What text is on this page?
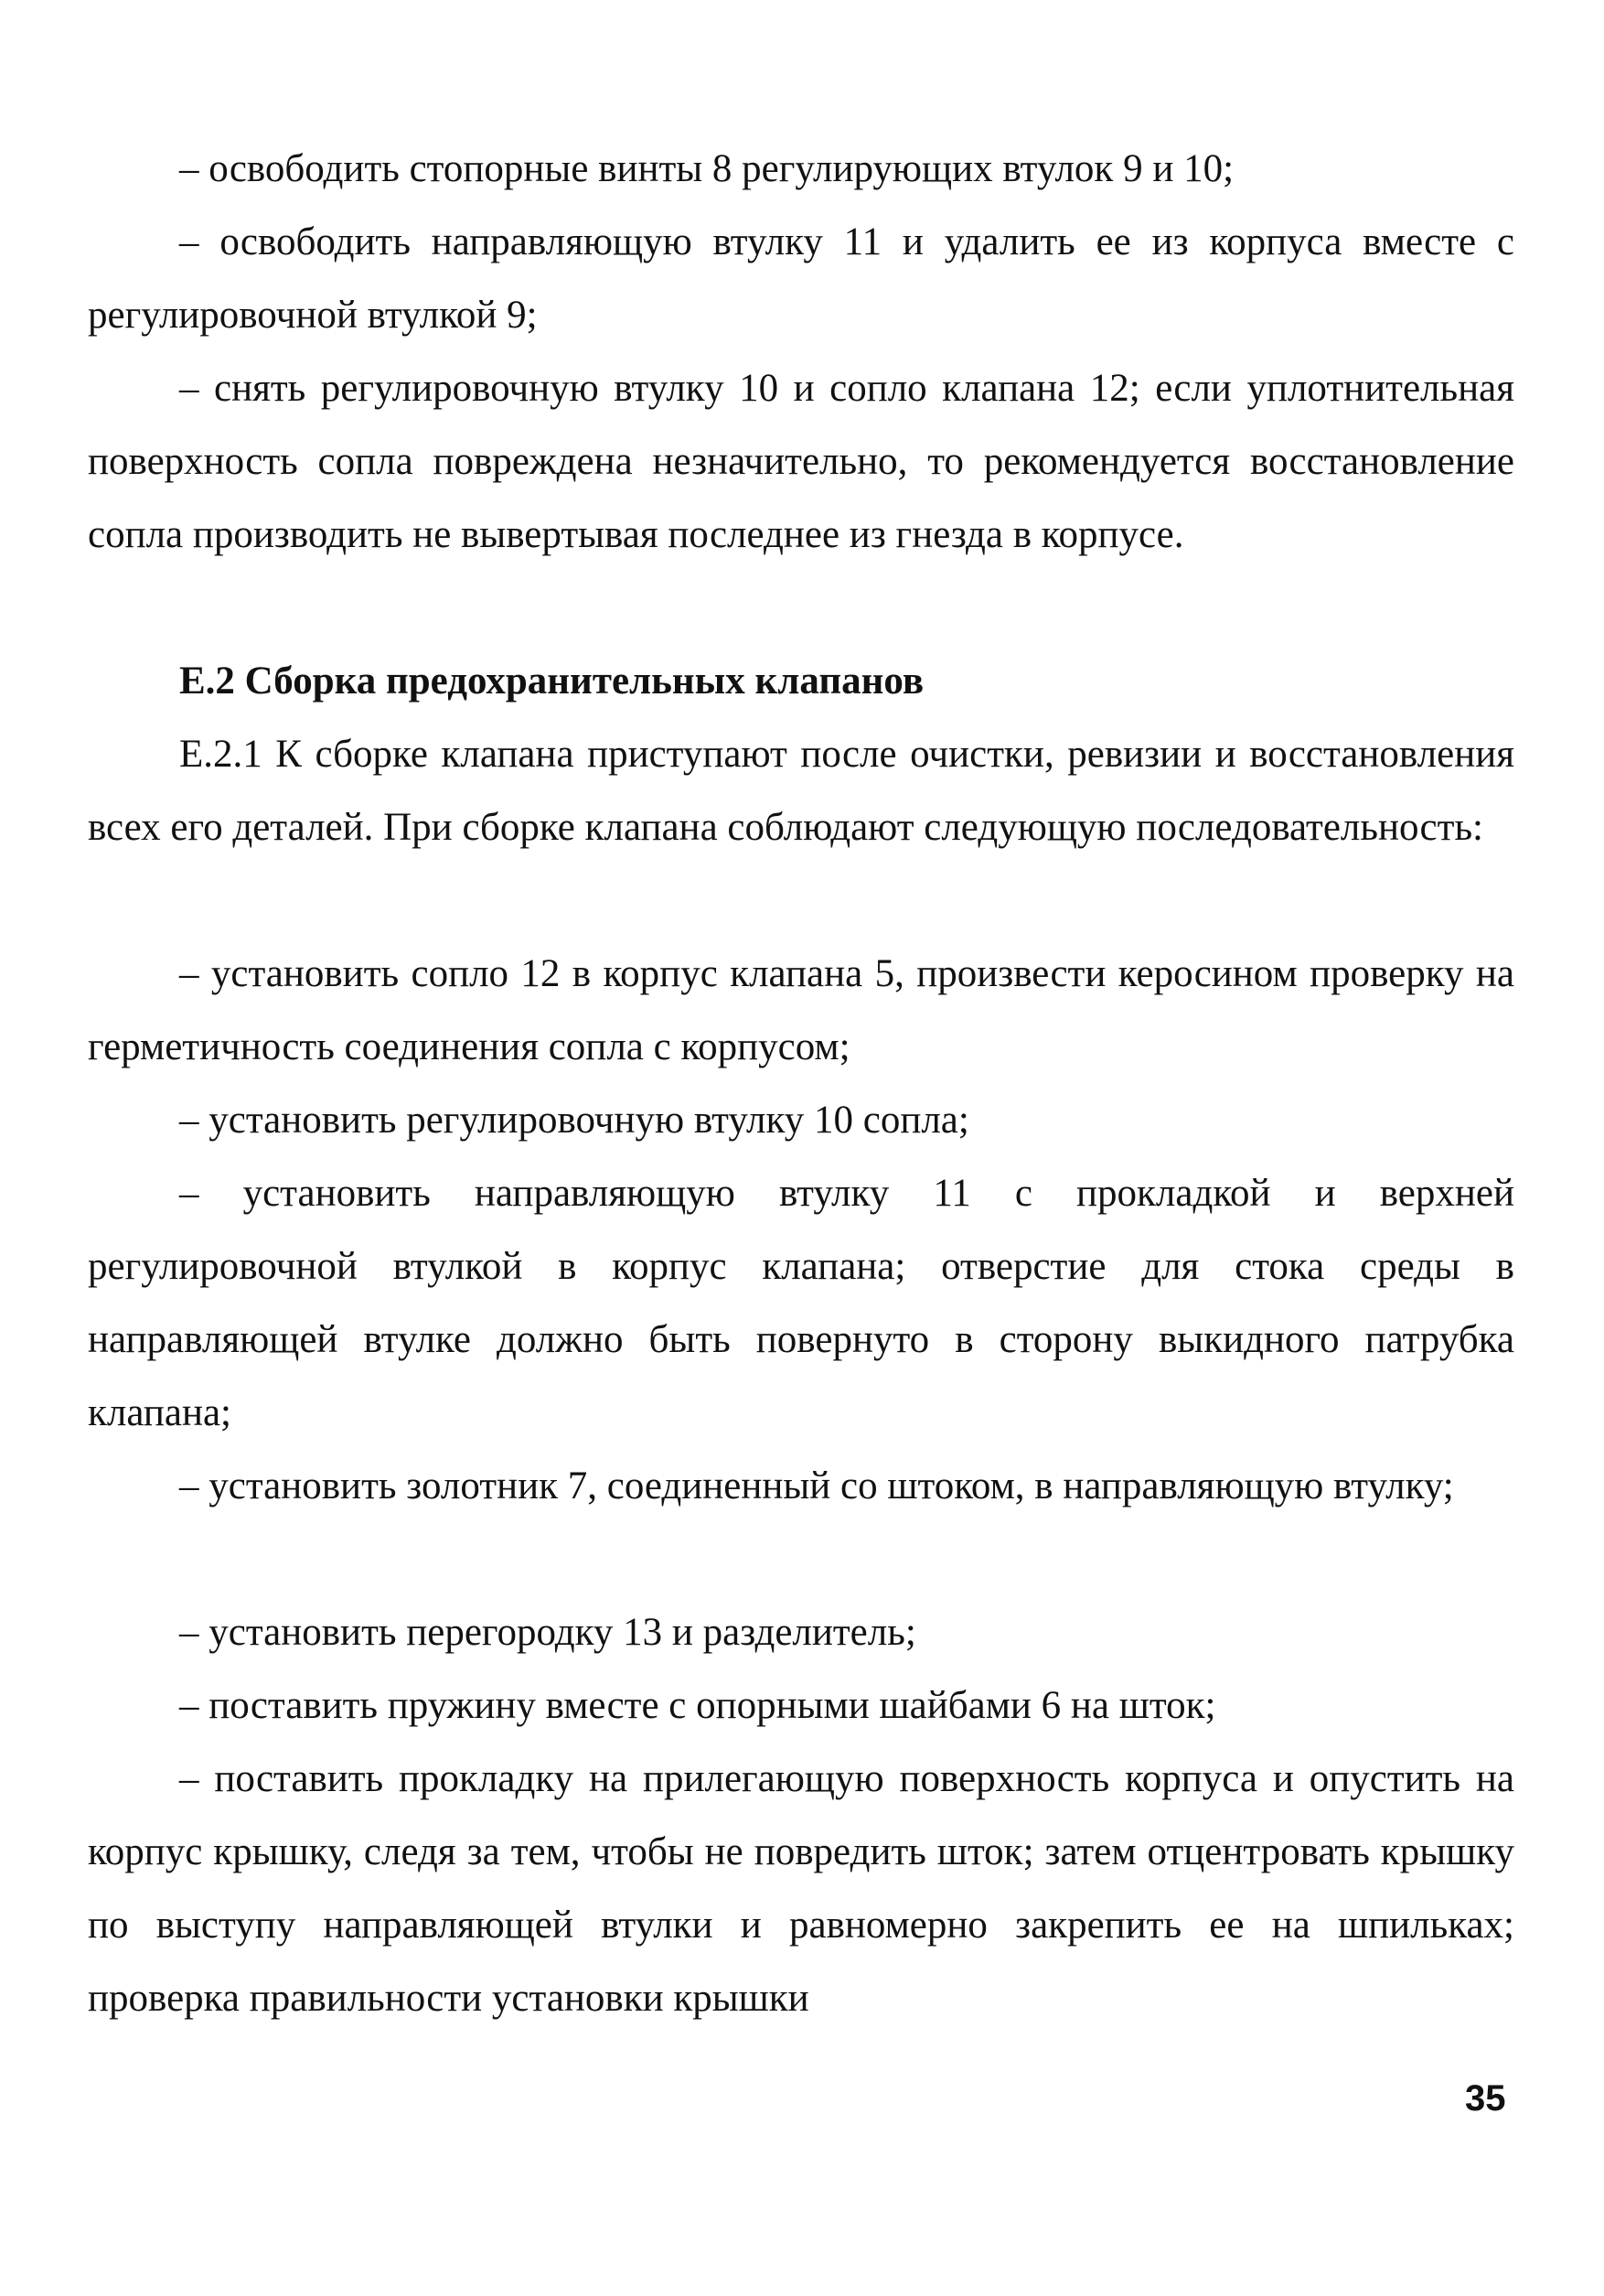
– освободить стопорные винты 8 регулирующих втулок 9 и 10;

– освободить направляющую втулку 11 и удалить ее из корпуса вместе с регулировочной втулкой 9;

– снять регулировочную втулку 10 и сопло клапана 12; если уплотнительная поверхность сопла повреждена незначительно, то рекомендуется восстановление сопла производить не вывертывая последнее из гнезда в корпусе.

Е.2 Сборка предохранительных клапанов

Е.2.1 К сборке клапана приступают после очистки, ревизии и восстановления всех его деталей. При сборке клапана соблюдают следующую последовательность:

– установить сопло 12 в корпус клапана 5, произвести керосином проверку на герметичность соединения сопла с корпусом;

– установить регулировочную втулку 10 сопла;

– установить направляющую втулку 11 с прокладкой и верхней регулировочной втулкой в корпус клапана; отверстие для стока среды в направляющей втулке должно быть повернуто в сторону выкидного патрубка клапана;

– установить золотник 7, соединенный со штоком, в направляющую втулку;

– установить перегородку 13 и разделитель;

– поставить пружину вместе с опорными шайбами 6 на шток;

– поставить прокладку на прилегающую поверхность корпуса и опустить на корпус крышку, следя за тем, чтобы не повредить шток; затем отцентровать крышку по выступу направляющей втулки и равномерно закрепить ее на шпильках; проверка правильности установки крышки

35
